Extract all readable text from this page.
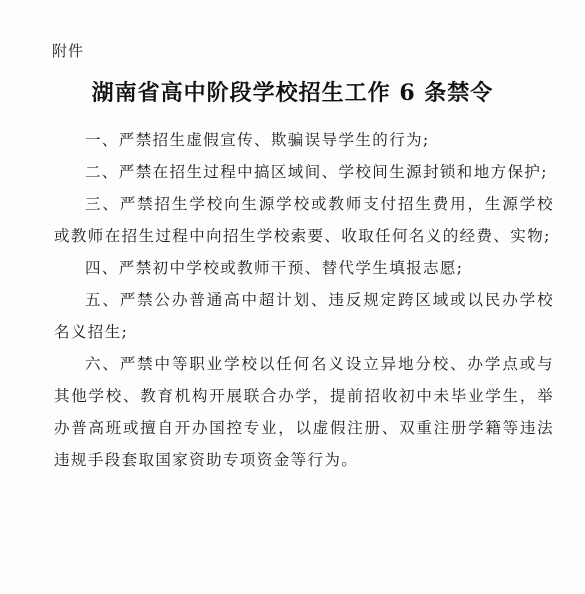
附件
湖南省高中阶段学校招生工作 6 条禁令

一、严禁招生虚假宣传、欺骗误导学生的行为;

二、严禁在招生过程中搞区域间、学校间生源封锁和地方保护;

三、严禁招生学校向生源学校或教师支付招生费用，生源学校或教师在招生过程中向招生学校索要、收取任何名义的经费、实物;

四、严禁初中学校或教师干预、替代学生填报志愿;

五、严禁公办普通高中超计划、违反规定跨区域或以民办学校名义招生;

六、严禁中等职业学校以任何名义设立异地分校、办学点或与其他学校、教育机构开展联合办学，提前招收初中未毕业学生，举办普高班或擅自开办国控专业，以虚假注册、双重注册学籍等违法违规手段套取国家资助专项资金等行为。
